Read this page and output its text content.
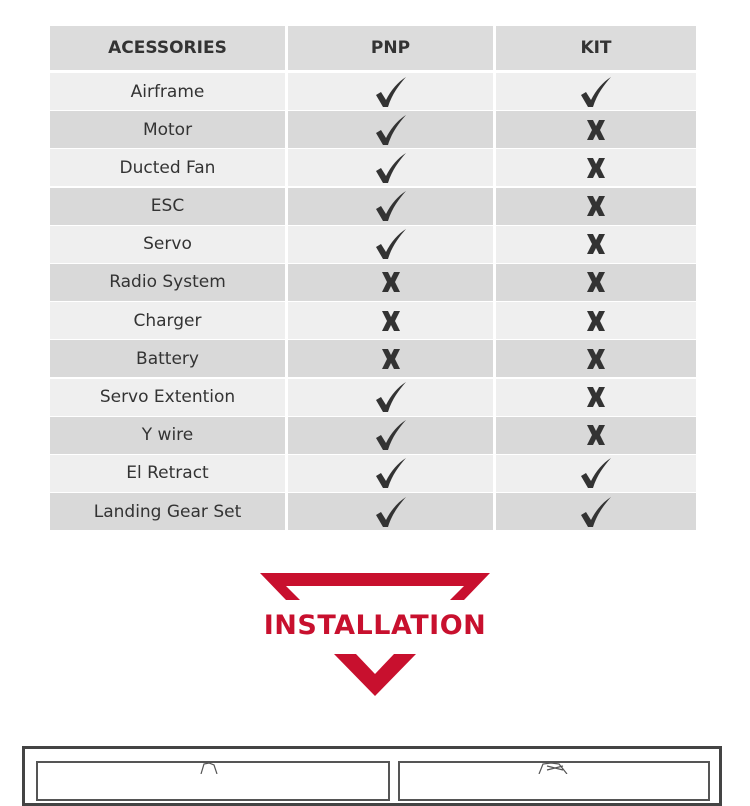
ACESSORIES	PNP	KIT
Airframe
Motor
Ducted Fan
ESC
Servo
Radio System
Charger
Battery
Servo Extention
Y wire
El Retract
Landing Gear Set
INSTALLATION
